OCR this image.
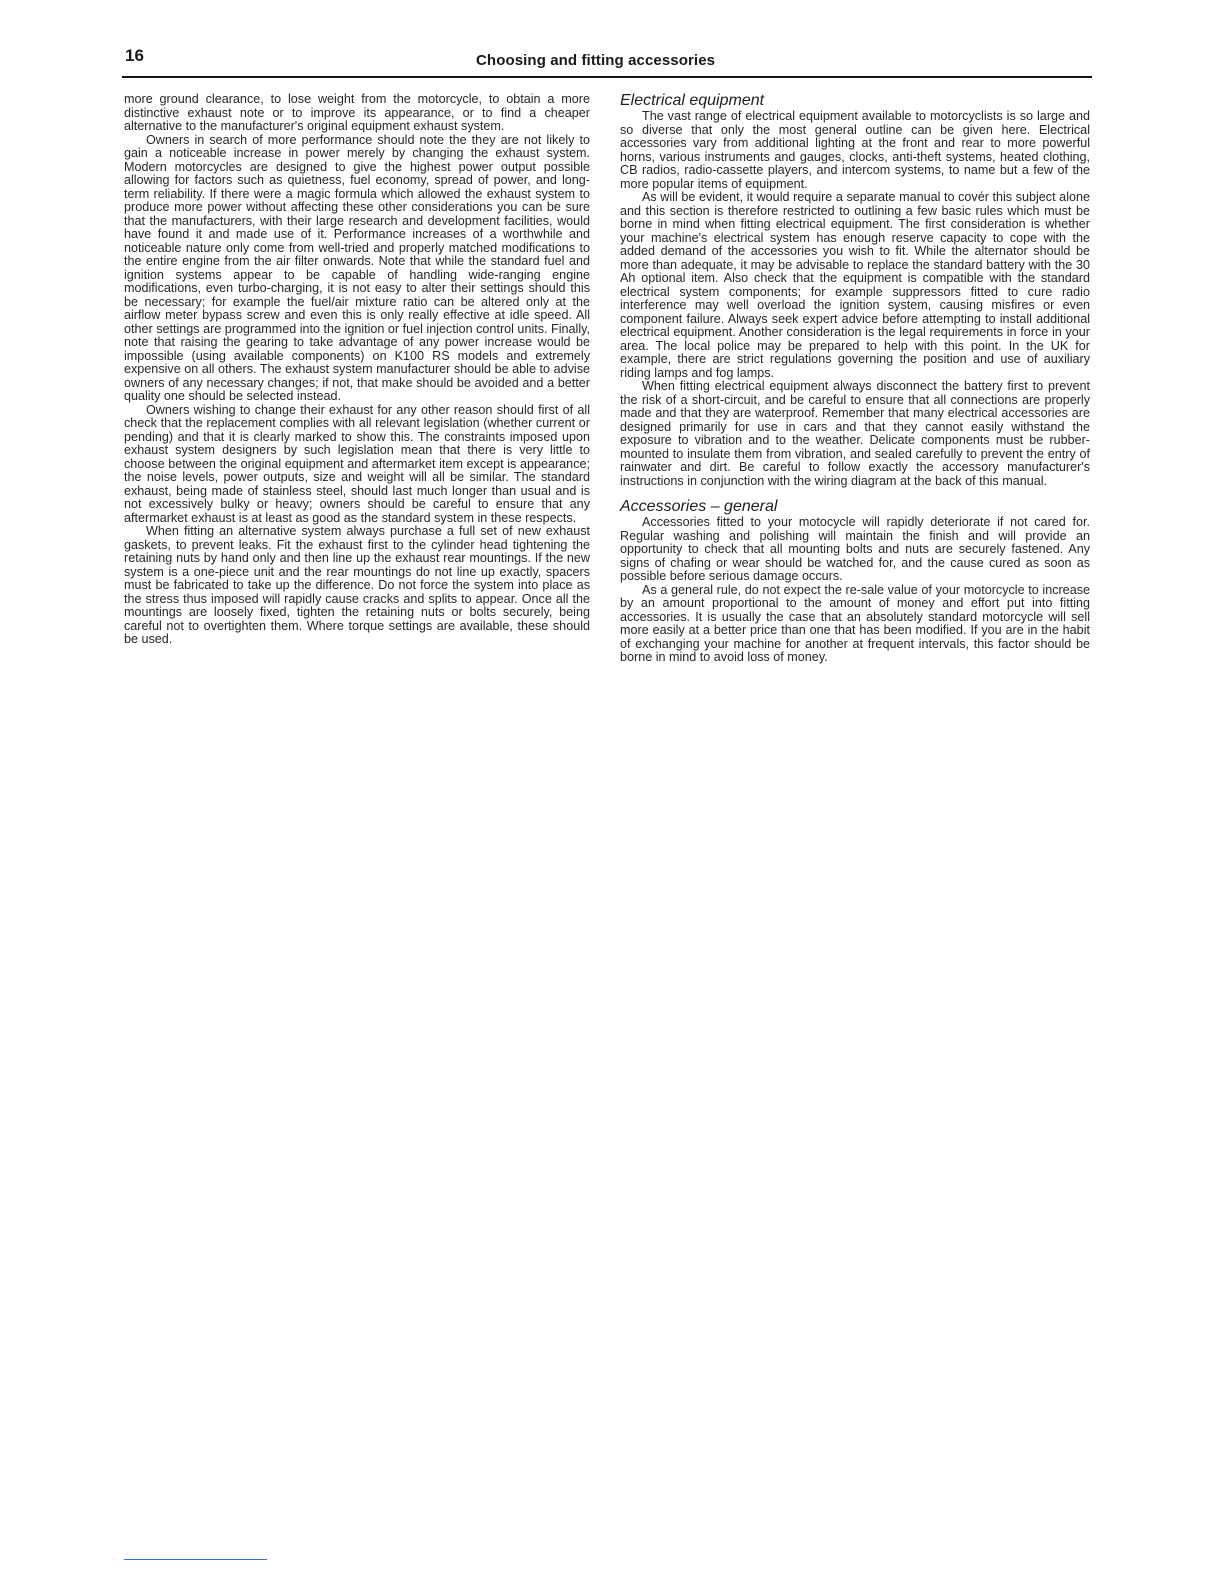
16	Choosing and fitting accessories

more ground clearance, to lose weight from the motorcycle, to obtain a more distinctive exhaust note or to improve its appearance, or to find a cheaper alternative to the manufacturer's original equipment exhaust system.

Owners in search of more performance should note the they are not likely to gain a noticeable increase in power merely by changing the exhaust system. Modern motorcycles are designed to give the highest power output possible allowing for factors such as quietness, fuel economy, spread of power, and long-term reliability. If there were a magic formula which allowed the exhaust system to produce more power without affecting these other considerations you can be sure that the manufacturers, with their large research and development facilities, would have found it and made use of it. Performance increases of a worthwhile and noticeable nature only come from well-tried and properly matched modifications to the entire engine from the air filter onwards. Note that while the standard fuel and ignition systems appear to be capable of handling wide-ranging engine modifications, even turbo-charging, it is not easy to alter their settings should this be necessary; for example the fuel/air mixture ratio can be altered only at the airflow meter bypass screw and even this is only really effective at idle speed. All other settings are programmed into the ignition or fuel injection control units. Finally, note that raising the gearing to take advantage of any power increase would be impossible (using available components) on K100 RS models and extremely expensive on all others. The exhaust system manufacturer should be able to advise owners of any necessary changes; if not, that make should be avoided and a better quality one should be selected instead.

Owners wishing to change their exhaust for any other reason should first of all check that the replacement complies with all relevant legislation (whether current or pending) and that it is clearly marked to show this. The constraints imposed upon exhaust system designers by such legislation mean that there is very little to choose between the original equipment and aftermarket item except is appearance; the noise levels, power outputs, size and weight will all be similar. The standard exhaust, being made of stainless steel, should last much longer than usual and is not excessively bulky or heavy; owners should be careful to ensure that any aftermarket exhaust is at least as good as the standard system in these respects.

When fitting an alternative system always purchase a full set of new exhaust gaskets, to prevent leaks. Fit the exhaust first to the cylinder head tightening the retaining nuts by hand only and then line up the exhaust rear mountings. If the new system is a one-piece unit and the rear mountings do not line up exactly, spacers must be fabricated to take up the difference. Do not force the system into place as the stress thus imposed will rapidly cause cracks and splits to appear. Once all the mountings are loosely fixed, tighten the retaining nuts or bolts securely, being careful not to overtighten them. Where torque settings are available, these should be used.

Electrical equipment

The vast range of electrical equipment available to motorcyclists is so large and so diverse that only the most general outline can be given here. Electrical accessories vary from additional lighting at the front and rear to more powerful horns, various instruments and gauges, clocks, anti-theft systems, heated clothing, CB radios, radio-cassette players, and intercom systems, to name but a few of the more popular items of equipment.

As will be evident, it would require a separate manual to covér this subject alone and this section is therefore restricted to outlining a few basic rules which must be borne in mind when fitting electrical equipment. The first consideration is whether your machine's electrical system has enough reserve capacity to cope with the added demand of the accessories you wish to fit. While the alternator should be more than adequate, it may be advisable to replace the standard battery with the 30 Ah optional item. Also check that the equipment is compatible with the standard electrical system components; for example suppressors fitted to cure radio interference may well overload the ignition system, causing misfires or even component failure. Always seek expert advice before attempting to install additional electrical equipment. Another consideration is the legal requirements in force in your area. The local police may be prepared to help with this point. In the UK for example, there are strict regulations governing the position and use of auxiliary riding lamps and fog lamps.

When fitting electrical equipment always disconnect the battery first to prevent the risk of a short-circuit, and be careful to ensure that all connections are properly made and that they are waterproof. Remember that many electrical accessories are designed primarily for use in cars and that they cannot easily withstand the exposure to vibration and to the weather. Delicate components must be rubber-mounted to insulate them from vibration, and sealed carefully to prevent the entry of rainwater and dirt. Be careful to follow exactly the accessory manufacturer's instructions in conjunction with the wiring diagram at the back of this manual.

Accessories – general

Accessories fitted to your motocycle will rapidly deteriorate if not cared for. Regular washing and polishing will maintain the finish and will provide an opportunity to check that all mounting bolts and nuts are securely fastened. Any signs of chafing or wear should be watched for, and the cause cured as soon as possible before serious damage occurs.

As a general rule, do not expect the re-sale value of your motorcycle to increase by an amount proportional to the amount of money and effort put into fitting accessories. It is usually the case that an absolutely standard motorcycle will sell more easily at a better price than one that has been modified. If you are in the habit of exchanging your machine for another at frequent intervals, this factor should be borne in mind to avoid loss of money.
